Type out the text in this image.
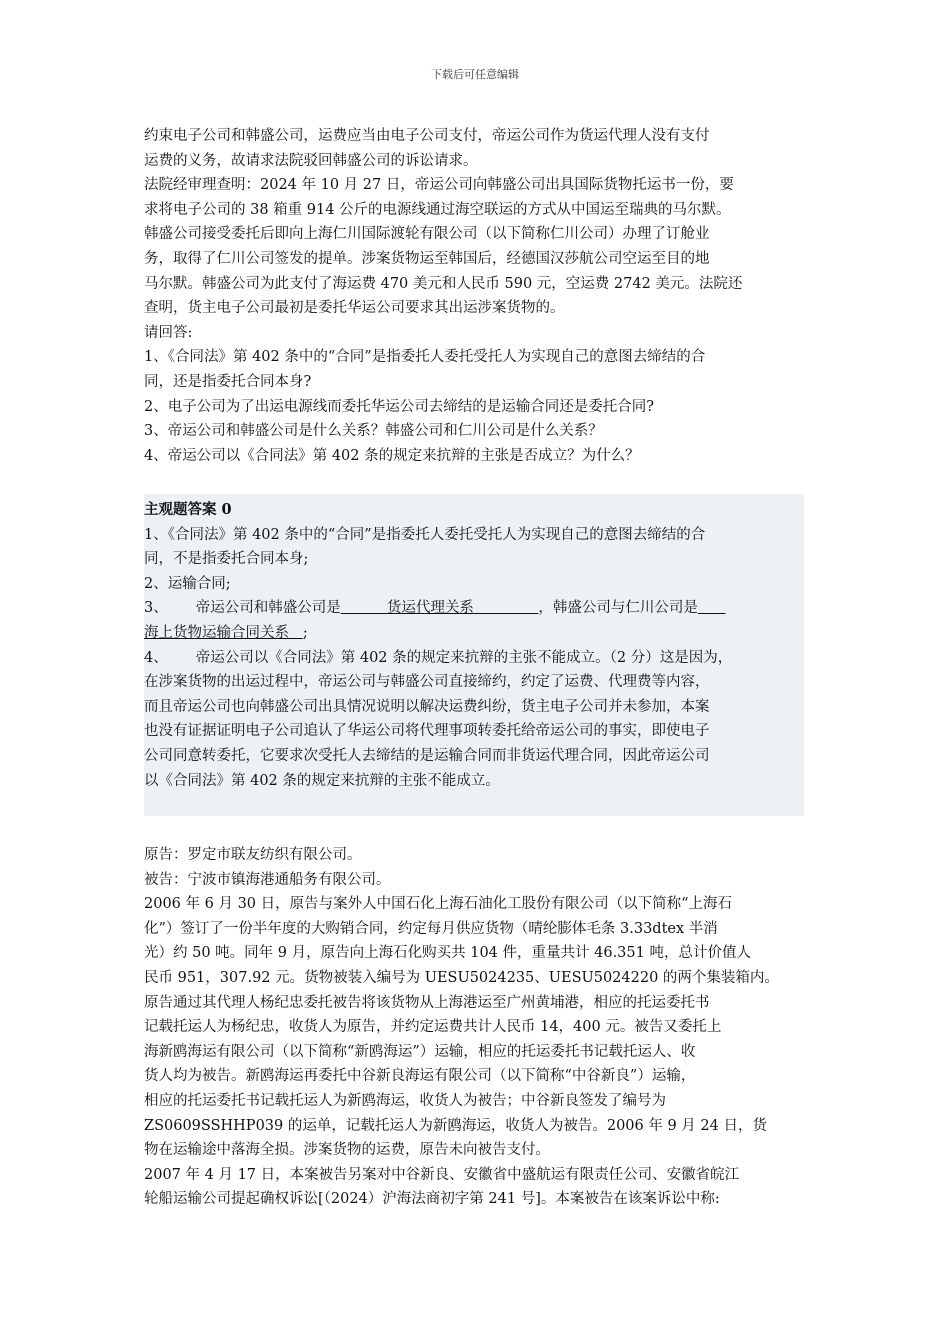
下载后可任意编辑

约束电子公司和韩盛公司，运费应当由电子公司支付，帝运公司作为货运代理人没有支付

运费的义务，故请求法院驳回韩盛公司的诉讼请求。

法院经审理查明：2024 年 10 月 27 日，帝运公司向韩盛公司出具国际货物托运书一份，要

求将电子公司的 38 箱重 914 公斤的电源线通过海空联运的方式从中国运至瑞典的马尔默。

韩盛公司接受委托后即向上海仁川国际渡轮有限公司（以下简称仁川公司）办理了订舱业

务，取得了仁川公司签发的提单。涉案货物运至韩国后，经德国汉莎航公司空运至目的地

马尔默。韩盛公司为此支付了海运费 470 美元和人民币 590 元，空运费 2742 美元。法院还

查明，货主电子公司最初是委托华运公司要求其出运涉案货物的。

请回答:

1、《合同法》第 402 条中的“合同”是指委托人委托受托人为实现自己的意图去缔结的合

同，还是指委托合同本身?

2、电子公司为了出运电源线而委托华运公司去缔结的是运输合同还是委托合同?

3、帝运公司和韩盛公司是什么关系？韩盛公司和仁川公司是什么关系？

4、帝运公司以《合同法》第 402 条的规定来抗辩的主张是否成立？为什么？

主观题答案 0

1、《合同法》第 402 条中的“合同”是指委托人委托受托人为实现自己的意图去缔结的合

同，不是指委托合同本身;

2、运输合同;

3、 帝运公司和韩盛公司是	货运代理关系	，韩盛公司与仁川公司是

海上货物运输合同关系 ;

4、 帝运公司以《合同法》第 402 条的规定来抗辩的主张不能成立。（2 分）这是因为，

在涉案货物的出运过程中，帝运公司与韩盛公司直接缔约，约定了运费、代理费等内容，

而且帝运公司也向韩盛公司出具情况说明以解决运费纠纷，货主电子公司并未参加，本案

也没有证据证明电子公司追认了华运公司将代理事项转委托给帝运公司的事实，即使电子

公司同意转委托，它要求次受托人去缔结的是运输合同而非货运代理合同，因此帝运公司

以《合同法》第 402 条的规定来抗辩的主张不能成立。

原告：罗定市联友纺织有限公司。

被告：宁波市镇海港通船务有限公司。

2006 年 6 月 30 日，原告与案外人中国石化上海石油化工股份有限公司（以下简称“上海石

化”）签订了一份半年度的大购销合同，约定每月供应货物（晴纶膨体毛条 3.33dtex 半消

光）约 50 吨。同年 9 月，原告向上海石化购买共 104 件，重量共计 46.351 吨，总计价值人

民币 951，307.92 元。货物被装入编号为 UESU5024235、UESU5024220 的两个集装箱内。

原告通过其代理人杨纪忠委托被告将该货物从上海港运至广州黄埔港，相应的托运委托书

记载托运人为杨纪忠，收货人为原告，并约定运费共计人民币 14，400 元。被告又委托上

海新鸥海运有限公司（以下简称“新鸥海运”）运输，相应的托运委托书记载托运人、收

货人均为被告。新鸥海运再委托中谷新良海运有限公司（以下简称“中谷新良”）运输，

相应的托运委托书记载托运人为新鸥海运，收货人为被告；中谷新良签发了编号为

ZS0609SSHHP039 的运单，记载托运人为新鸥海运，收货人为被告。2006 年 9 月 24 日，货

物在运输途中落海全损。涉案货物的运费，原告未向被告支付。

2007 年 4 月 17 日，本案被告另案对中谷新良、安徽省中盛航运有限责任公司、安徽省皖江

轮船运输公司提起确权诉讼[（2024）沪海法商初字第 241 号]。本案被告在该案诉讼中称:
